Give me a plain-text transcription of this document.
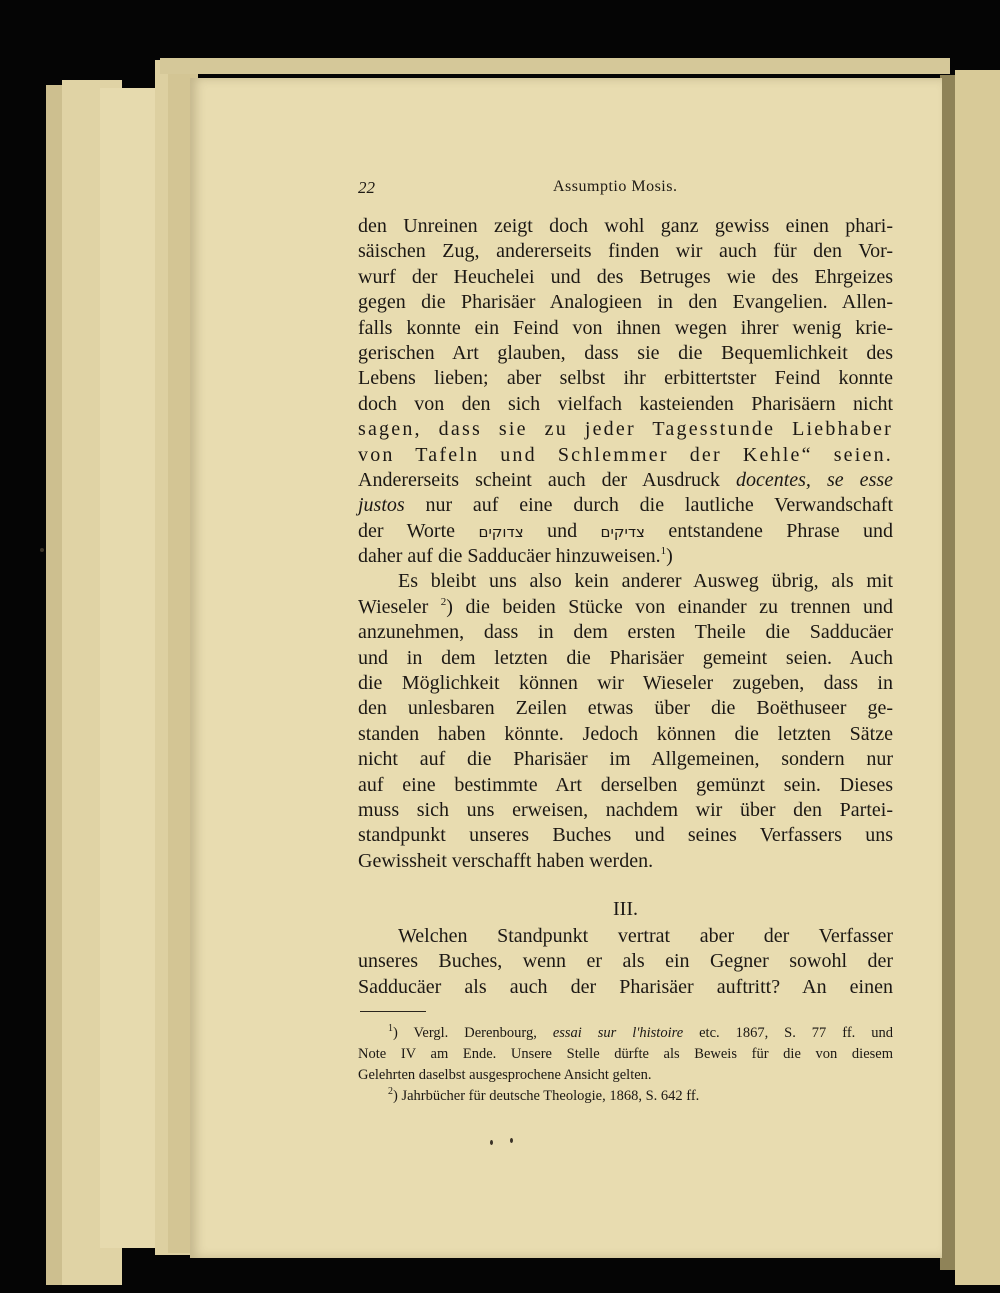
22	Assumptio Mosis.
den Unreinen zeigt doch wohl ganz gewiss einen phari-
säischen Zug, andererseits finden wir auch für den Vor-
wurf der Heuchelei und des Betruges wie des Ehrgeizes
gegen die Pharisäer Analogieen in den Evangelien. Allen-
falls konnte ein Feind von ihnen wegen ihrer wenig krie-
gerischen Art glauben, dass sie die Bequemlichkeit des
Lebens lieben; aber selbst ihr erbittertster Feind konnte
doch von den sich vielfach kasteienden Pharisäern nicht
sagen, dass sie zu jeder Tagesstunde Liebhaber
von Tafeln und Schlemmer der Kehle“ seien.
Andererseits scheint auch der Ausdruck docentes, se esse
justos nur auf eine durch die lautliche Verwandschaft
der Worte צדוקים und צדיקים entstandene Phrase und
daher auf die Sadducäer hinzuweisen.$^1$)
Es bleibt uns also kein anderer Ausweg übrig, als mit
Wieseler $^2$) die beiden Stücke von einander zu trennen und
anzunehmen, dass in dem ersten Theile die Sadducäer
und in dem letzten die Pharisäer gemeint seien. Auch
die Möglichkeit können wir Wieseler zugeben, dass in
den unlesbaren Zeilen etwas über die Boëthuseer ge-
standen haben könnte. Jedoch können die letzten Sätze
nicht auf die Pharisäer im Allgemeinen, sondern nur
auf eine bestimmte Art derselben gemünzt sein. Dieses
muss sich uns erweisen, nachdem wir über den Partei-
standpunkt unseres Buches und seines Verfassers uns
Gewissheit verschafft haben werden.
III.
Welchen Standpunkt vertrat aber der Verfasser
unseres Buches, wenn er als ein Gegner sowohl der
Sadducäer als auch der Pharisäer auftritt? An einen
$^1$) Vergl. Derenbourg, essai sur l'histoire etc. 1867, S. 77 ff. und
Note IV am Ende. Unsere Stelle dürfte als Beweis für die von diesem
Gelehrten daselbst ausgesprochene Ansicht gelten.
$^2$) Jahrbücher für deutsche Theologie, 1868, S. 642 ff.
